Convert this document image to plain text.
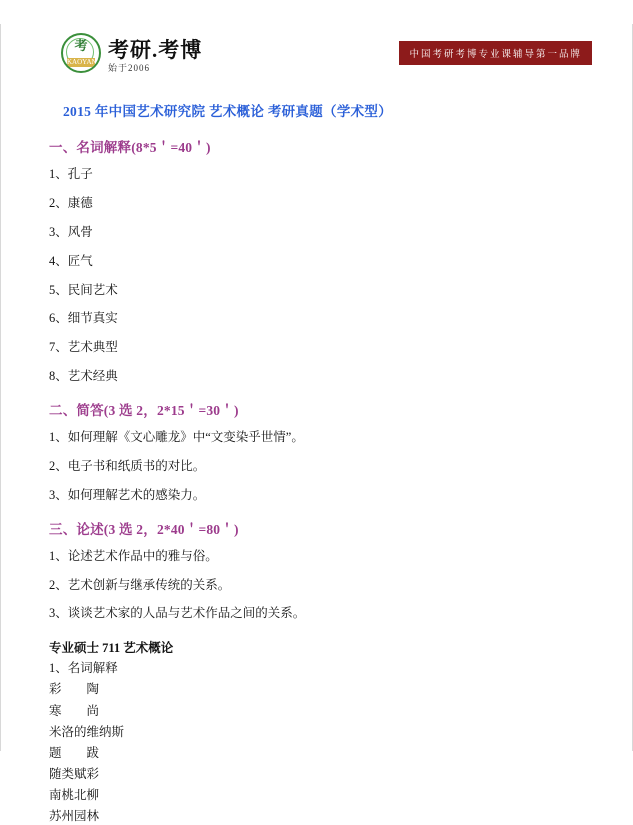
考
KAOYAN 考研.考博
始于2006
中国考研考博专业课辅导第一品牌
2015 年中国艺术研究院 艺术概论 考研真题（学术型）
一、名词解释(8*5＇=40＇)
1、孔子
2、康德
3、风骨
4、匠气
5、民间艺术
6、细节真实
7、艺术典型
8、艺术经典
二、简答(3 选 2，2*15＇=30＇)
1、如何理解《文心雕龙》中“文变染乎世情”。
2、电子书和纸质书的对比。
3、如何理解艺术的感染力。
三、论述(3 选 2，2*40＇=80＇)
1、论述艺术作品中的雅与俗。
2、艺术创新与继承传统的关系。
3、谈谈艺术家的人品与艺术作品之间的关系。
专业硕士 711 艺术概论
1、名词解释
彩　　陶
寒　　尚
米洛的维纳斯
题　　跋
随类赋彩
南桃北柳
苏州园林
